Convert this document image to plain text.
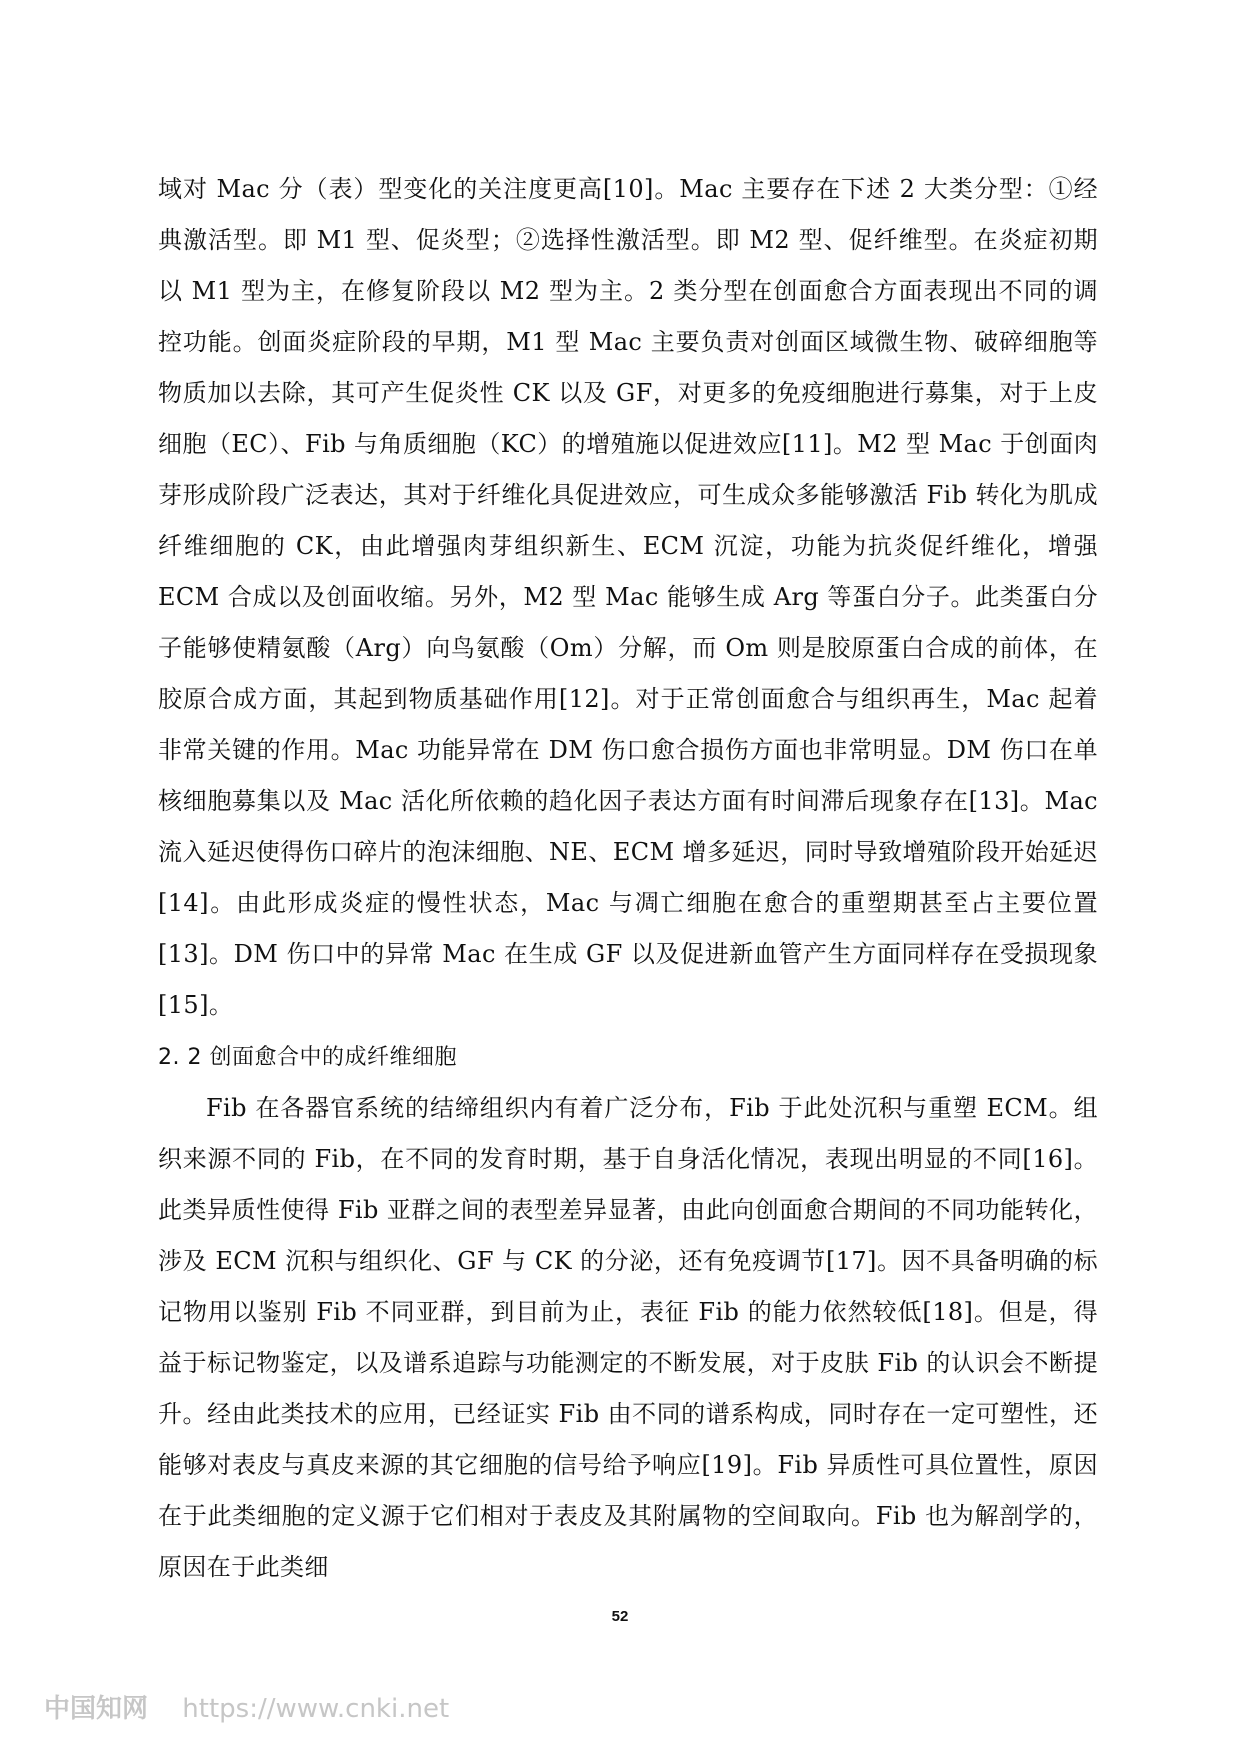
域对 Mac 分（表）型变化的关注度更高[10]。Mac 主要存在下述 2 大类分型：①经典激活型。即 M1 型、促炎型；②选择性激活型。即 M2 型、促纤维型。在炎症初期以 M1 型为主，在修复阶段以 M2 型为主。2 类分型在创面愈合方面表现出不同的调控功能。创面炎症阶段的早期，M1 型 Mac 主要负责对创面区域微生物、破碎细胞等物质加以去除，其可产生促炎性 CK 以及 GF，对更多的免疫细胞进行募集，对于上皮细胞（EC）、Fib 与角质细胞（KC）的增殖施以促进效应[11]。M2 型 Mac 于创面肉芽形成阶段广泛表达，其对于纤维化具促进效应，可生成众多能够激活 Fib 转化为肌成纤维细胞的 CK，由此增强肉芽组织新生、ECM 沉淀，功能为抗炎促纤维化，增强 ECM 合成以及创面收缩。另外，M2 型 Mac 能够生成 Arg 等蛋白分子。此类蛋白分子能够使精氨酸（Arg）向鸟氨酸（Om）分解，而 Om 则是胶原蛋白合成的前体，在胶原合成方面，其起到物质基础作用[12]。对于正常创面愈合与组织再生，Mac 起着非常关键的作用。Mac 功能异常在 DM 伤口愈合损伤方面也非常明显。DM 伤口在单核细胞募集以及 Mac 活化所依赖的趋化因子表达方面有时间滞后现象存在[13]。Mac 流入延迟使得伤口碎片的泡沫细胞、NE、ECM 增多延迟，同时导致增殖阶段开始延迟[14]。由此形成炎症的慢性状态，Mac 与凋亡细胞在愈合的重塑期甚至占主要位置[13]。DM 伤口中的异常 Mac 在生成 GF 以及促进新血管产生方面同样存在受损现象[15]。

2. 2 创面愈合中的成纤维细胞

Fib 在各器官系统的结缔组织内有着广泛分布，Fib 于此处沉积与重塑 ECM。组织来源不同的 Fib，在不同的发育时期，基于自身活化情况，表现出明显的不同[16]。此类异质性使得 Fib 亚群之间的表型差异显著，由此向创面愈合期间的不同功能转化，涉及 ECM 沉积与组织化、GF 与 CK 的分泌，还有免疫调节[17]。因不具备明确的标记物用以鉴别 Fib 不同亚群，到目前为止，表征 Fib 的能力依然较低[18]。但是，得益于标记物鉴定，以及谱系追踪与功能测定的不断发展，对于皮肤 Fib 的认识会不断提升。经由此类技术的应用，已经证实 Fib 由不同的谱系构成，同时存在一定可塑性，还能够对表皮与真皮来源的其它细胞的信号给予响应[19]。Fib 异质性可具位置性，原因在于此类细胞的定义源于它们相对于表皮及其附属物的空间取向。Fib 也为解剖学的，原因在于此类细

52
中国知网 https://www.cnki.net
